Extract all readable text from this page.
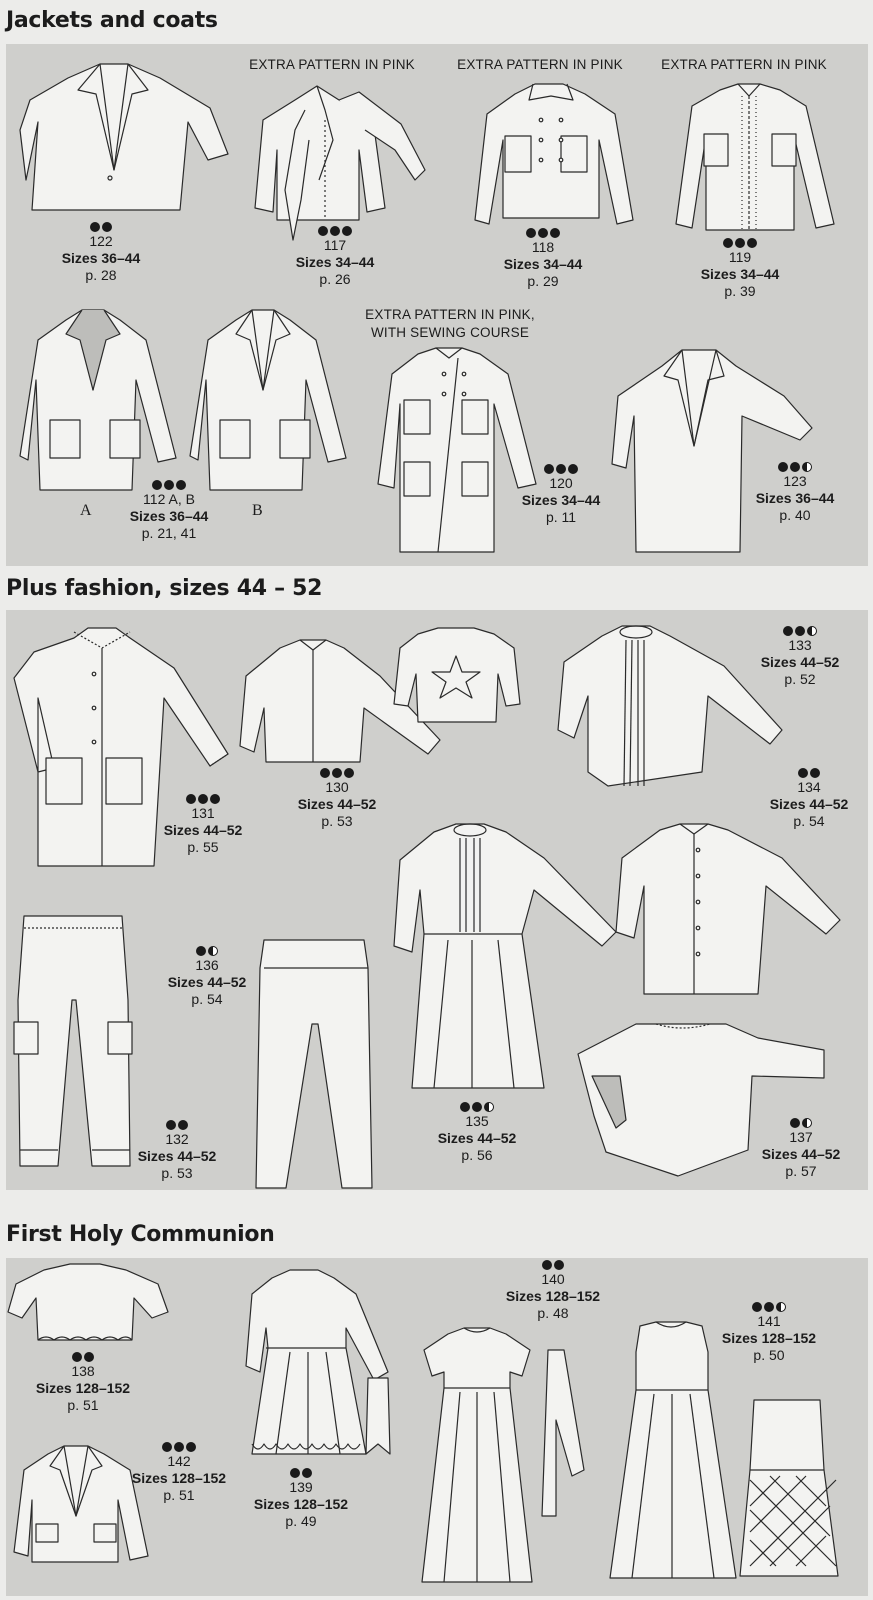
Jackets and coats
EXTRA PATTERN IN PINK	EXTRA PATTERN IN PINK	EXTRA PATTERN IN PINK
EXTRA PATTERN IN PINK,
WITH SEWING COURSE
122
Sizes 36–44
p. 28
117
Sizes 34–44
p. 26
118
Sizes 34–44
p. 29
119
Sizes 34–44
p. 39
A	B
112 A, B
Sizes 36–44
p. 21, 41
120
Sizes 34–44
p. 11
123
Sizes 36–44
p. 40
Plus fashion, sizes 44 – 52
131
Sizes 44–52
p. 55
130
Sizes 44–52
p. 53
133
Sizes 44–52
p. 52
134
Sizes 44–52
p. 54
135
Sizes 44–52
p. 56
136
Sizes 44–52
p. 54
132
Sizes 44–52
p. 53
137
Sizes 44–52
p. 57
First Holy Communion
138
Sizes 128–152
p. 51
142
Sizes 128–152
p. 51	139
Sizes 128–152
p. 49
140
Sizes 128–152
p. 48	141
Sizes 128–152
p. 50
